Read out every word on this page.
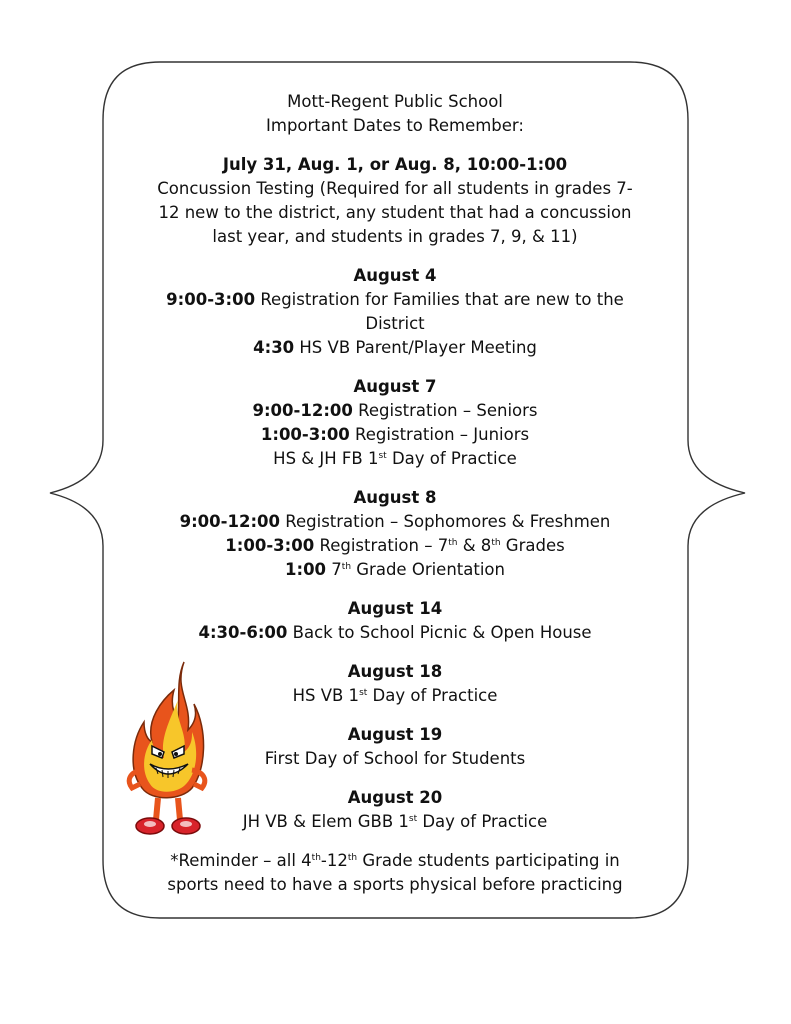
Mott-Regent Public School
Important Dates to Remember:
July 31, Aug. 1, or Aug. 8, 10:00-1:00
Concussion Testing (Required for all students in grades 7-
12 new to the district, any student that had a concussion
last year, and students in grades 7, 9, & 11)
August 4
9:00-3:00 Registration for Families that are new to the
District
4:30 HS VB Parent/Player Meeting
August 7
9:00-12:00 Registration – Seniors
1:00-3:00 Registration – Juniors
HS & JH FB 1st Day of Practice
August 8
9:00-12:00 Registration – Sophomores & Freshmen
1:00-3:00 Registration – 7th & 8th Grades
1:00 7th Grade Orientation
August 14
4:30-6:00 Back to School Picnic & Open House
August 18
HS VB 1st Day of Practice
August 19
First Day of School for Students
August 20
JH VB & Elem GBB 1st Day of Practice
*Reminder – all 4th-12th Grade students participating in
sports need to have a sports physical before practicing
